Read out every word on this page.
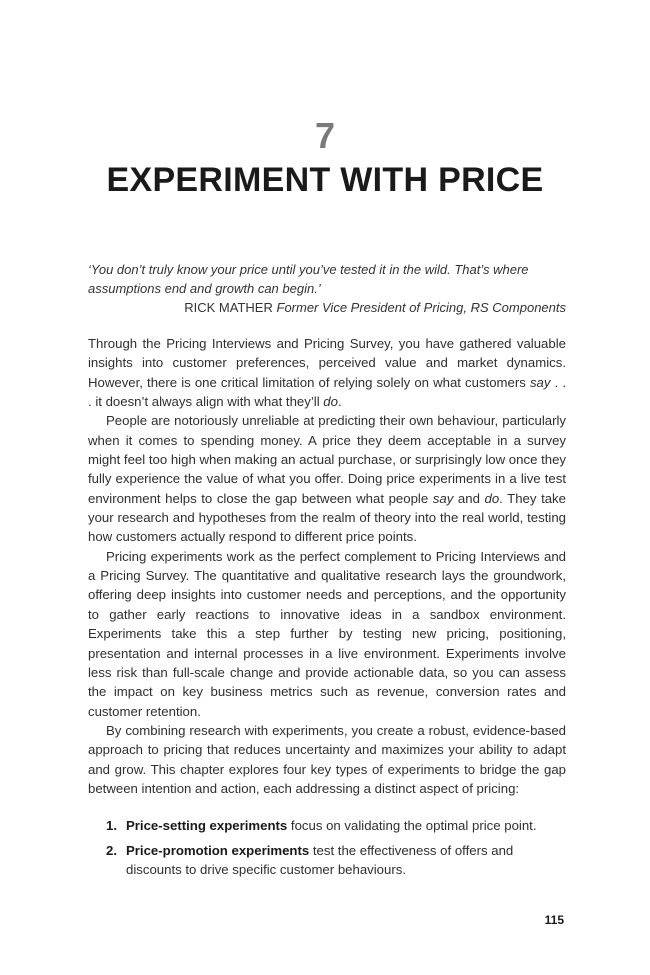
7
EXPERIMENT WITH PRICE

‘You don’t truly know your price until you’ve tested it in the wild. That’s where assumptions end and growth can begin.’

RICK MATHER Former Vice President of Pricing, RS Components

Through the Pricing Interviews and Pricing Survey, you have gathered valuable insights into customer preferences, perceived value and market dynamics. However, there is one critical limitation of relying solely on what customers say . . . it doesn’t always align with what they’ll do.

People are notoriously unreliable at predicting their own behaviour, particularly when it comes to spending money. A price they deem acceptable in a survey might feel too high when making an actual purchase, or surprisingly low once they fully experience the value of what you offer. Doing price experiments in a live test environment helps to close the gap between what people say and do. They take your research and hypotheses from the realm of theory into the real world, testing how customers actually respond to different price points.

Pricing experiments work as the perfect complement to Pricing Interviews and a Pricing Survey. The quantitative and qualitative research lays the groundwork, offering deep insights into customer needs and perceptions, and the opportunity to gather early reactions to innovative ideas in a sandbox environment. Experiments take this a step further by testing new pricing, positioning, presentation and internal processes in a live environment. Experiments involve less risk than full-scale change and provide actionable data, so you can assess the impact on key business metrics such as revenue, conversion rates and customer retention.

By combining research with experiments, you create a robust, evidence-based approach to pricing that reduces uncertainty and maximizes your ability to adapt and grow. This chapter explores four key types of experiments to bridge the gap between intention and action, each addressing a distinct aspect of pricing:

1. Price-setting experiments focus on validating the optimal price point.
2. Price-promotion experiments test the effectiveness of offers and discounts to drive specific customer behaviours.
115
